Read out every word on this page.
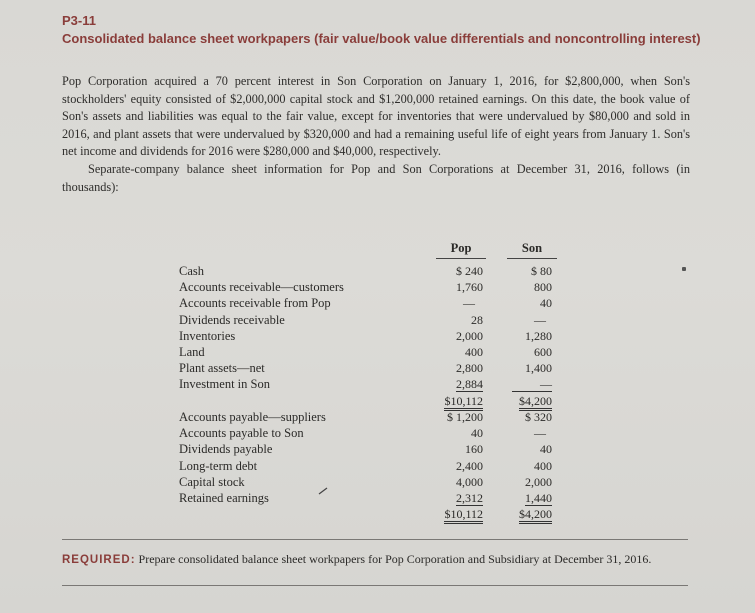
P3-11
Consolidated balance sheet workpapers (fair value/book value differentials and noncontrolling interest)

Pop Corporation acquired a 70 percent interest in Son Corporation on January 1, 2016, for $2,800,000, when Son's stockholders' equity consisted of $2,000,000 capital stock and $1,200,000 retained earnings. On this date, the book value of Son's assets and liabilities was equal to the fair value, except for inventories that were undervalued by $80,000 and sold in 2016, and plant assets that were undervalued by $320,000 and had a remaining useful life of eight years from January 1. Son's net income and dividends for 2016 were $280,000 and $40,000, respectively.

Separate-company balance sheet information for Pop and Son Corporations at December 31, 2016, follows (in thousands):

Pop	Son
Cash
Accounts receivable—customers
Accounts receivable from Pop
Dividends receivable
Inventories
Land
Plant assets—net
Investment in Son
$ 240
1,760
—
28
2,000
400
2,800
2,884
$10,112
$ 80
800
40
—
1,280
600
1,400
—
$4,200
Accounts payable—suppliers
Accounts payable to Son
Dividends payable
Long-term debt
Capital stock
Retained earnings
$ 1,200
40
160
2,400
4,000
2,312
$10,112
$ 320
—
40
400
2,000
1,440
$4,200
REQUIRED: Prepare consolidated balance sheet workpapers for Pop Corporation and Subsidiary at December 31, 2016.
